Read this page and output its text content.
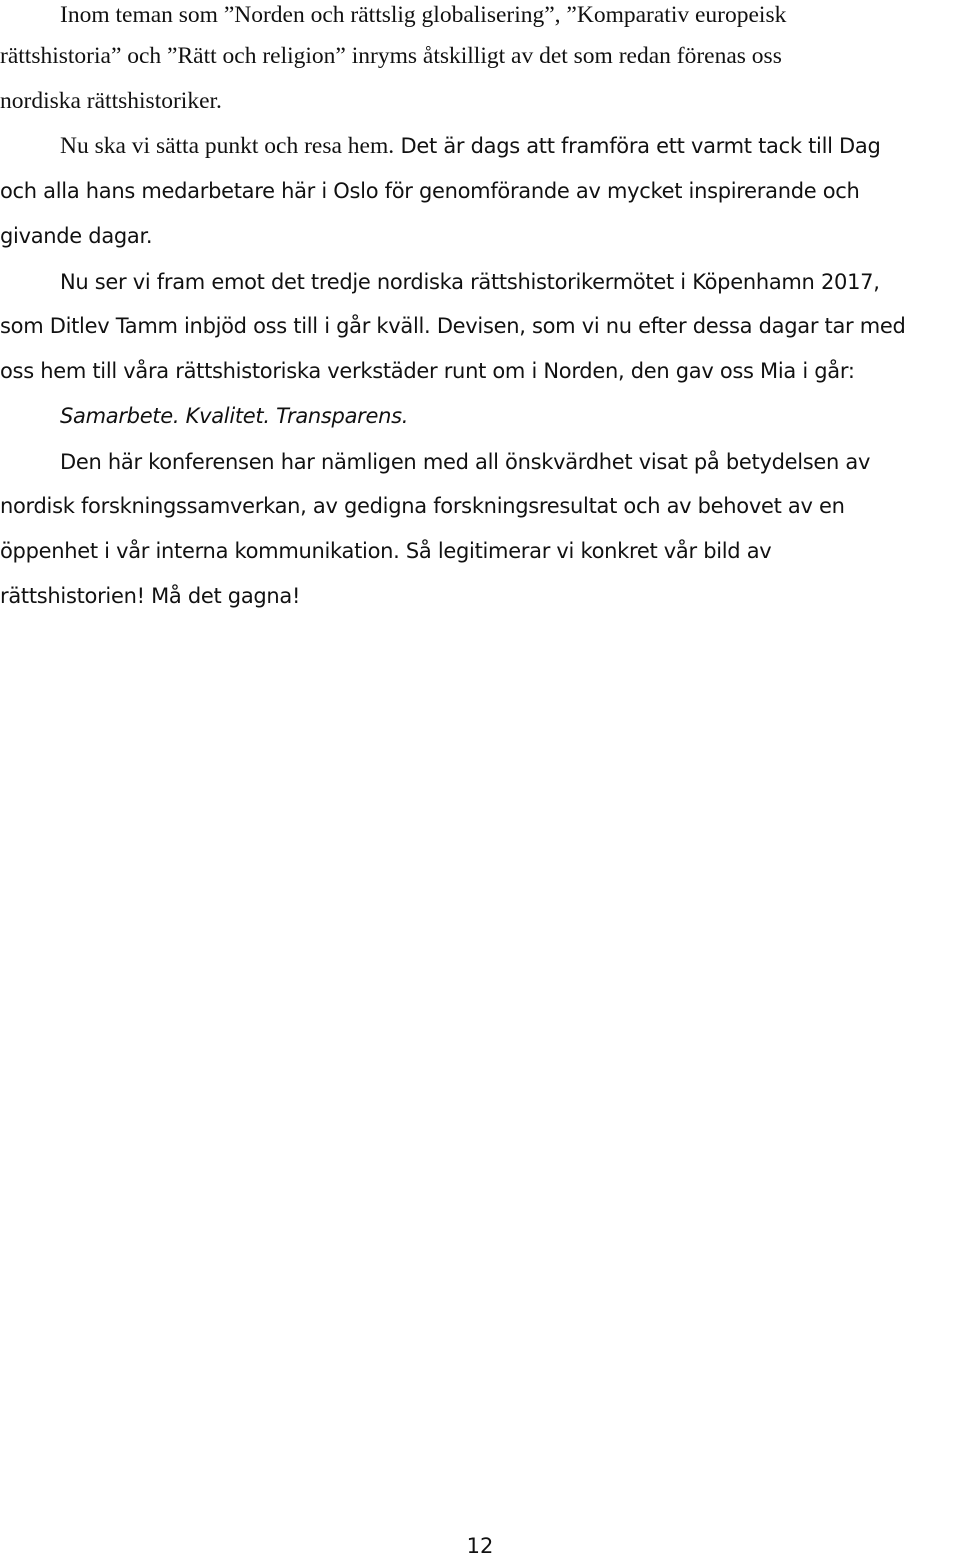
Inom teman som ”Norden och rättslig globalisering”, ”Komparativ europeisk
rättshistoria” och ”Rätt och religion” inryms åtskilligt av det som redan förenas oss
nordiska rättshistoriker.
Nu ska vi sätta punkt och resa hem. Det är dags att framföra ett varmt tack till Dag
och alla hans medarbetare här i Oslo för genomförande av mycket inspirerande och
givande dagar.
Nu ser vi fram emot det tredje nordiska rättshistorikermötet i Köpenhamn 2017,
som Ditlev Tamm inbjöd oss till i går kväll. Devisen, som vi nu efter dessa dagar tar med
oss hem till våra rättshistoriska verkstäder runt om i Norden, den gav oss Mia i går:
Samarbete. Kvalitet. Transparens.
Den här konferensen har nämligen med all önskvärdhet visat på betydelsen av
nordisk forskningssamverkan, av gedigna forskningsresultat och av behovet av en
öppenhet i vår interna kommunikation. Så legitimerar vi konkret vår bild av
rättshistorien! Må det gagna!
12
